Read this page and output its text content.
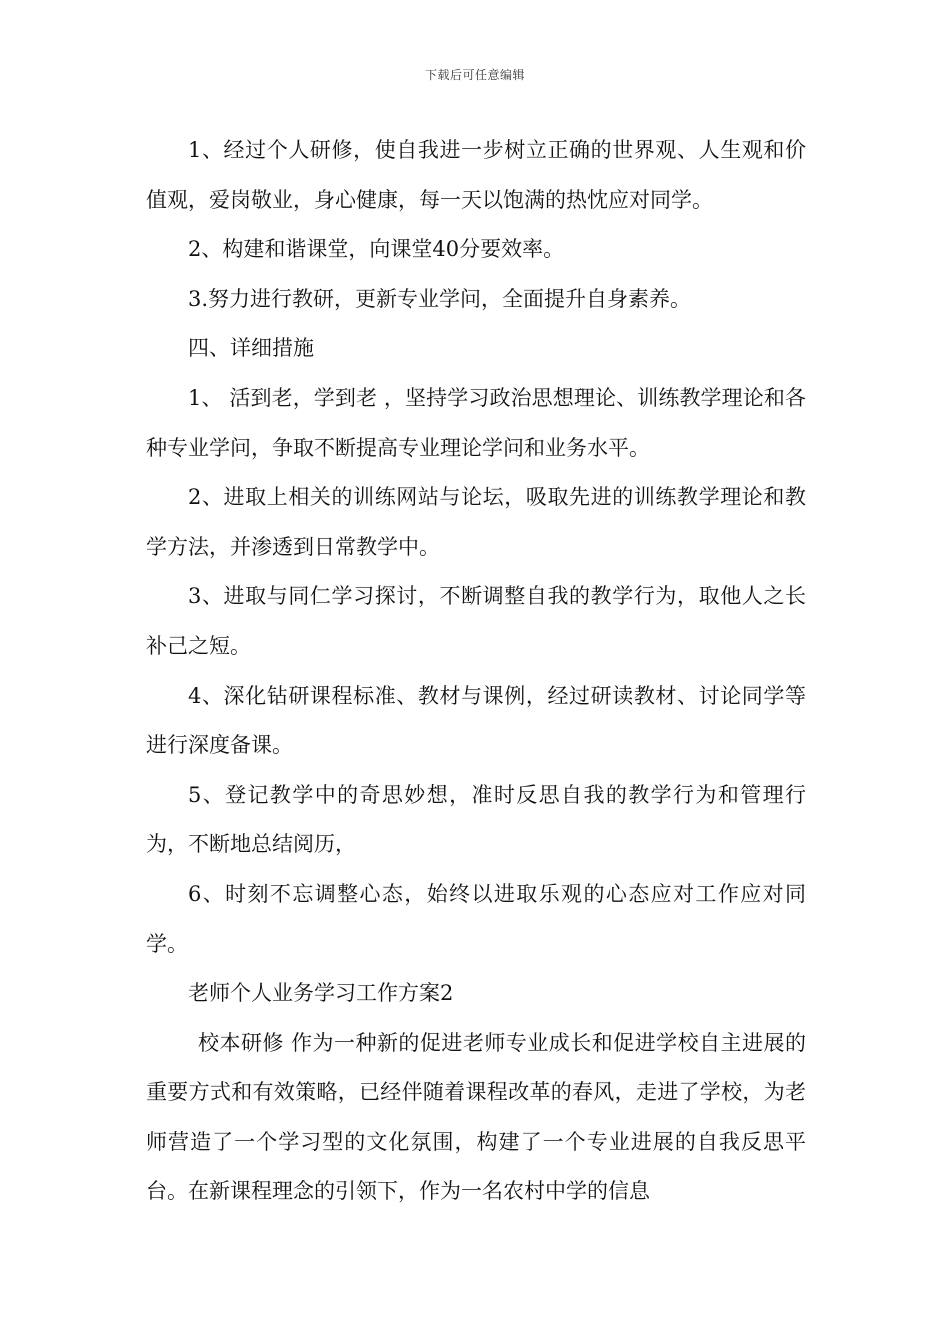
下载后可任意编辑

1、经过个人研修，使自我进一步树立正确的世界观、人生观和价值观，爱岗敬业，身心健康，每一天以饱满的热忱应对同学。

2、构建和谐课堂，向课堂40分要效率。

3.努力进行教研，更新专业学问，全面提升自身素养。

四、详细措施

1、 活到老，学到老 ，坚持学习政治思想理论、训练教学理论和各种专业学问，争取不断提高专业理论学问和业务水平。

2、进取上相关的训练网站与论坛，吸取先进的训练教学理论和教学方法，并渗透到日常教学中。

3、进取与同仁学习探讨，不断调整自我的教学行为，取他人之长补己之短。

4、深化钻研课程标准、教材与课例，经过研读教材、讨论同学等进行深度备课。

5、登记教学中的奇思妙想，准时反思自我的教学行为和管理行为，不断地总结阅历，

6、时刻不忘调整心态，始终以进取乐观的心态应对工作应对同学。

老师个人业务学习工作方案2

校本研修 作为一种新的促进老师专业成长和促进学校自主进展的重要方式和有效策略，已经伴随着课程改革的春风，走进了学校，为老师营造了一个学习型的文化氛围，构建了一个专业进展的自我反思平台。在新课程理念的引领下，作为一名农村中学的信息
